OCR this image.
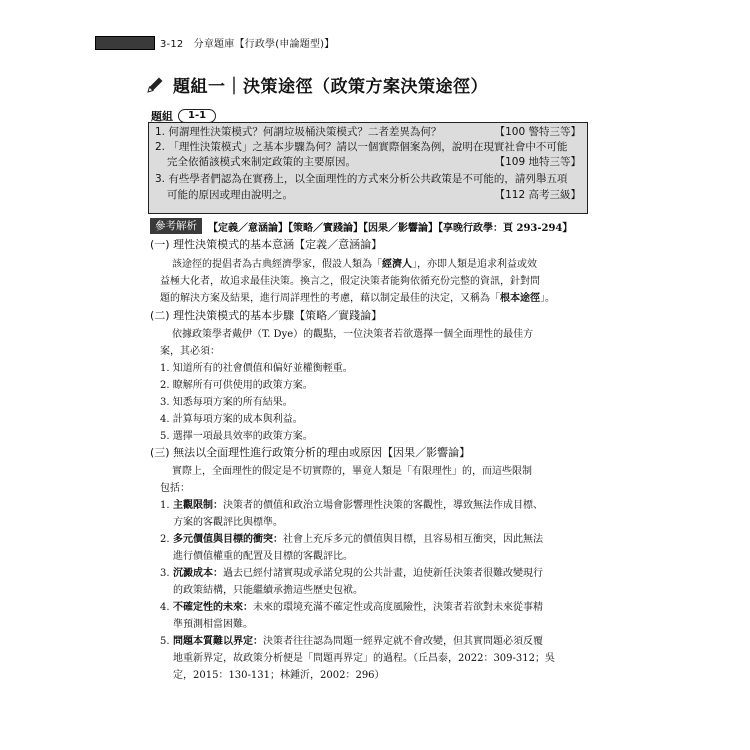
3-12 分章題庫【行政學(申論題型)】
題組一｜決策途徑（政策方案決策途徑）
題組	1-1
1. 何謂理性決策模式？何謂垃圾桶決策模式？二者差異為何？	【100 警特三等】
2. 「理性決策模式」之基本步驟為何？請以一個實際個案為例，說明在現實社會中不可能
完全依循該模式來制定政策的主要原因。	【109 地特三等】
3. 有些學者們認為在實務上，以全面理性的方式來分析公共政策是不可能的，請列舉五項
可能的原因或理由說明之。	【112 高考三級】
參考解析	【定義／意涵論】【策略／實踐論】【因果／影響論】【享晚行政學：頁 293-294】
(一) 理性決策模式的基本意涵【定義／意涵論】
該途徑的提倡者為古典經濟學家，假設人類為「經濟人」，亦即人類是追求利益或效
益極大化者，故追求最佳決策。換言之，假定決策者能夠依循充份完整的資訊，針對問
題的解決方案及結果，進行周詳理性的考慮，藉以制定最佳的決定，又稱為「根本途徑」。
(二) 理性決策模式的基本步驟【策略／實踐論】
依據政策學者戴伊（T. Dye）的觀點，一位決策者若欲選擇一個全面理性的最佳方
案，其必須：
1. 知道所有的社會價值和偏好並權衡輕重。
2. 瞭解所有可供使用的政策方案。
3. 知悉每項方案的所有結果。
4. 計算每項方案的成本與利益。
5. 選擇一項最具效率的政策方案。
(三) 無法以全面理性進行政策分析的理由或原因【因果／影響論】
實際上，全面理性的假定是不切實際的，畢竟人類是「有限理性」的，而這些限制
包括：
1. 主觀限制：決策者的價值和政治立場會影響理性決策的客觀性，導致無法作成目標、
方案的客觀評比與標準。
2. 多元價值與目標的衝突：社會上充斥多元的價值與目標，且容易相互衝突，因此無法
進行價值權重的配置及目標的客觀評比。
3. 沉澱成本：過去已經付諸實現或承諾兌現的公共計畫，迫使新任決策者很難改變現行
的政策結構，只能繼續承擔這些歷史包袱。
4. 不確定性的未來：未來的環境充滿不確定性或高度風險性，決策者若欲對未來從事精
準預測相當困難。
5. 問題本質難以界定：決策者往往認為問題一經界定就不會改變，但其實問題必須反覆
地重新界定，故政策分析便是「問題再界定」的過程。（丘昌泰，2022：309-312；吳
定，2015：130-131；林鍾沂，2002：296）
